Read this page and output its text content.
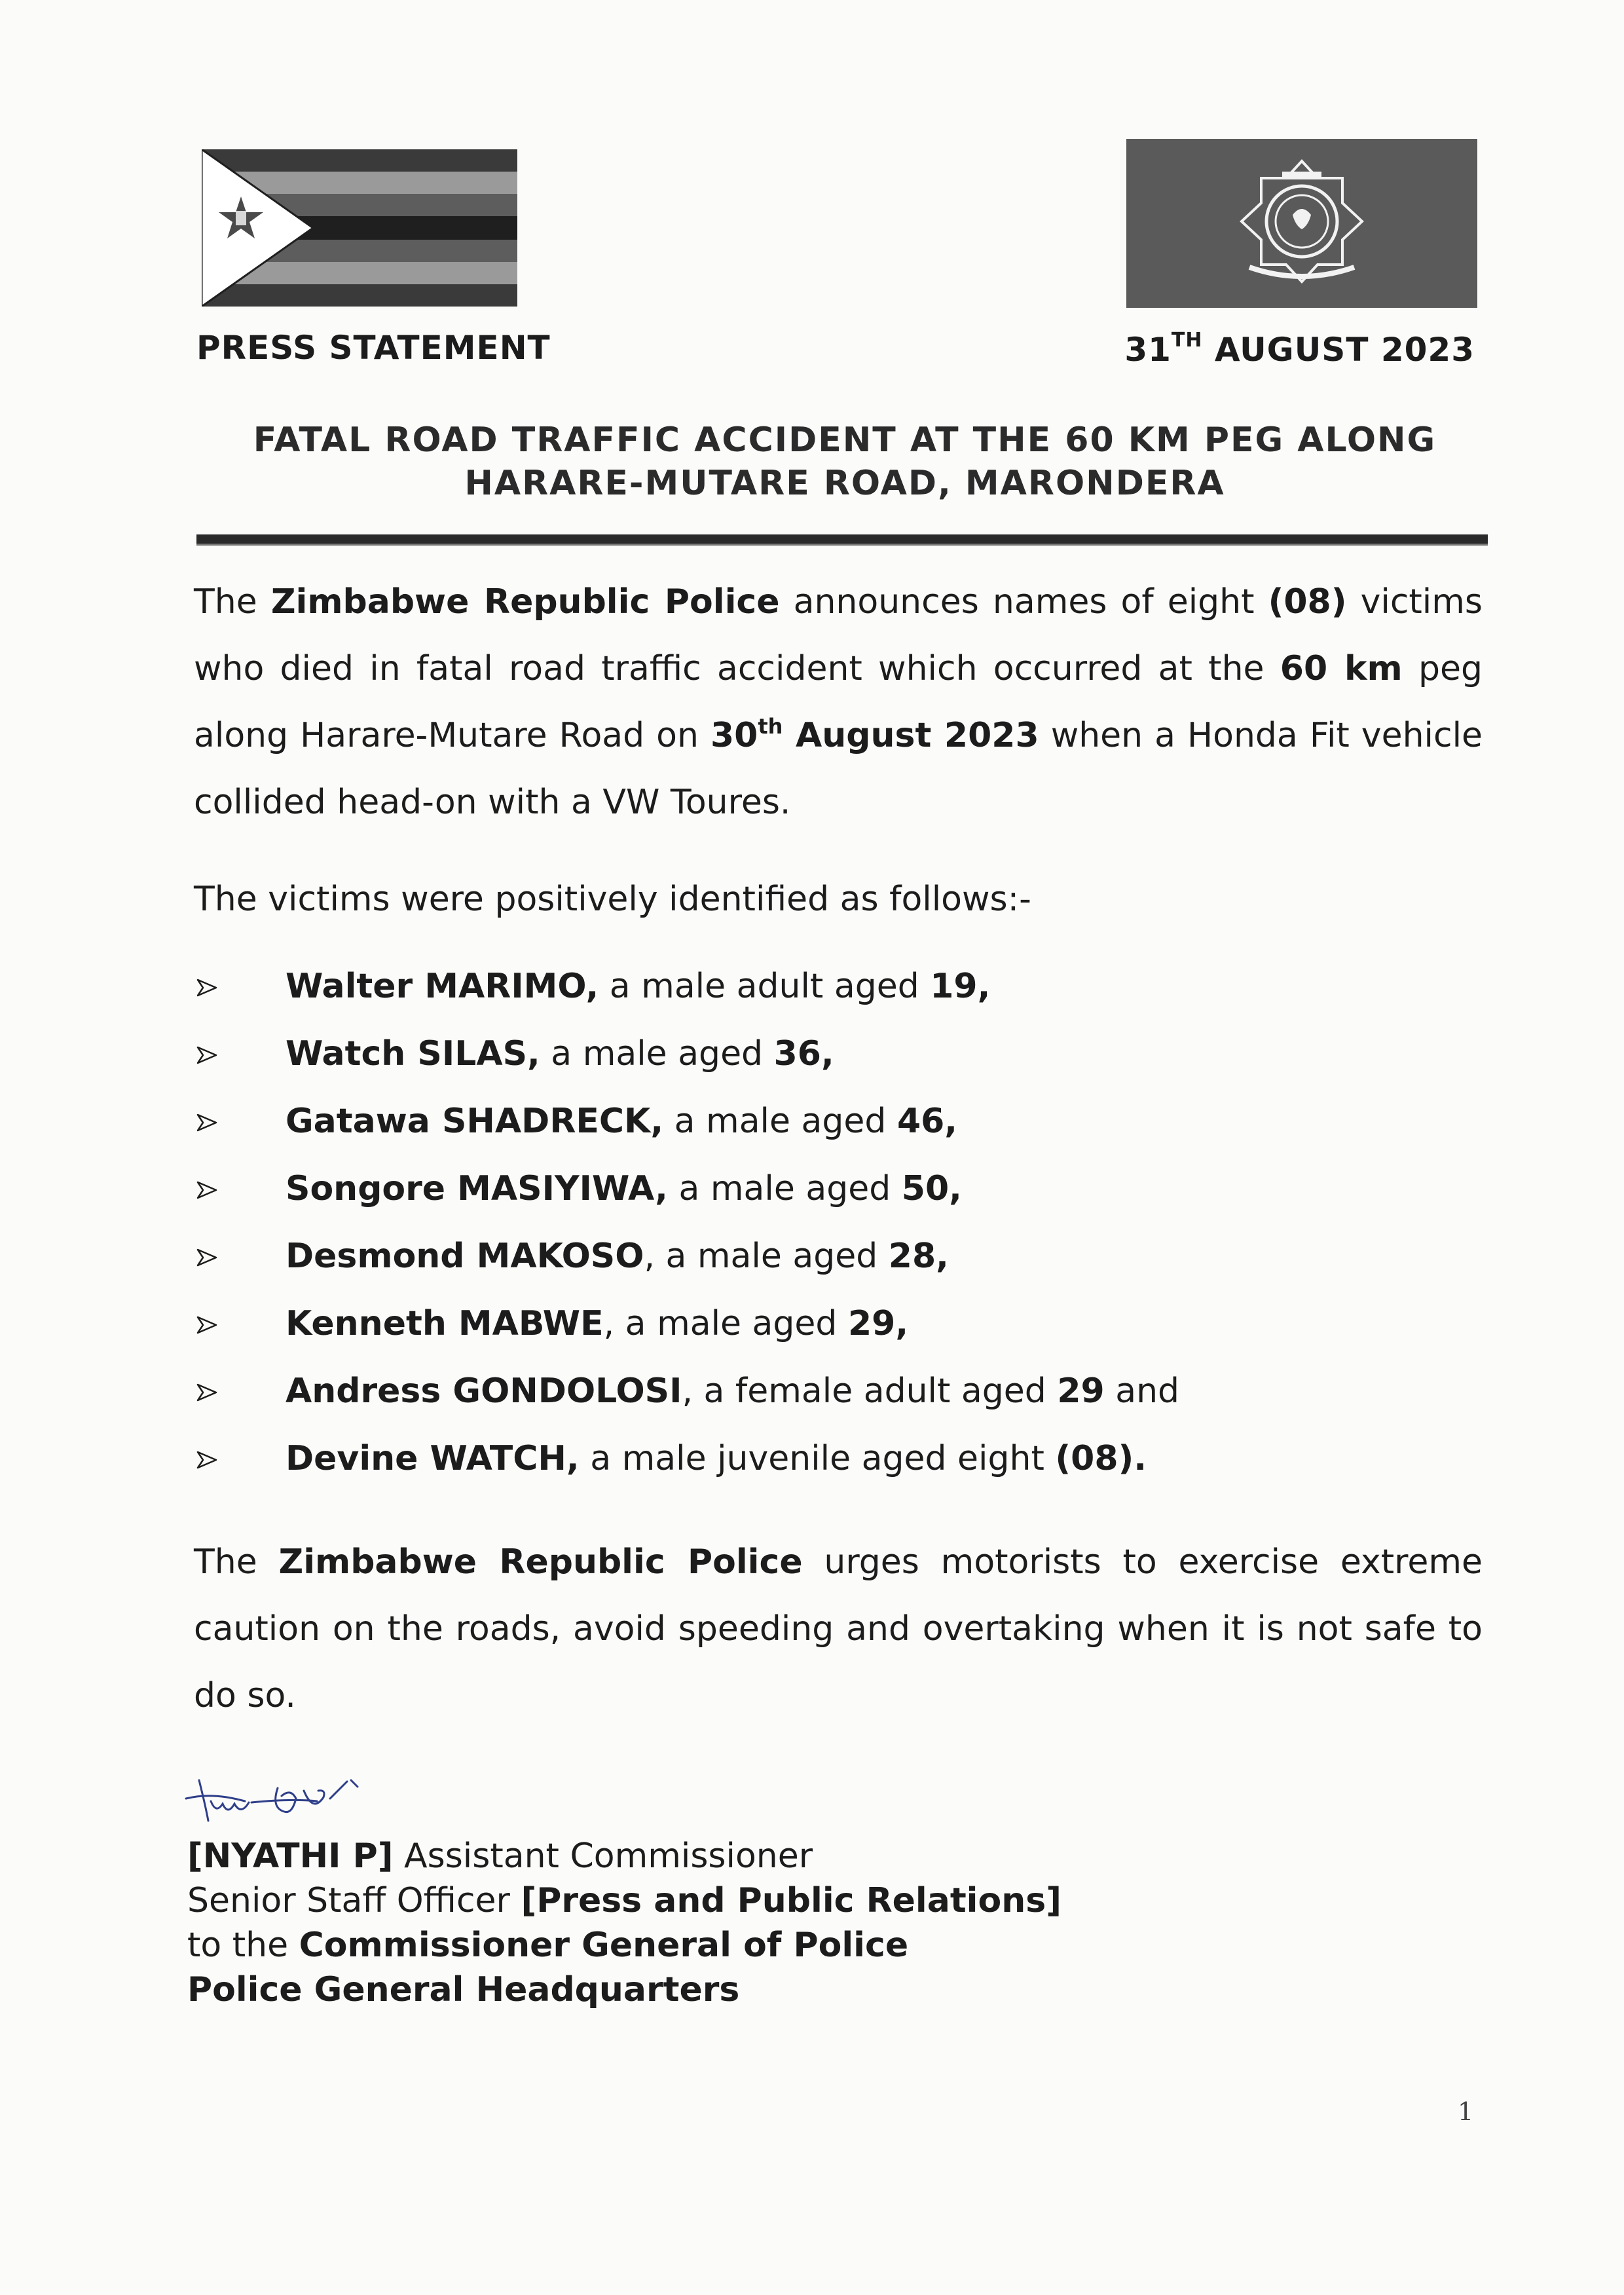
PRESS STATEMENT	31TH AUGUST 2023
FATAL ROAD TRAFFIC ACCIDENT AT THE 60 KM PEG ALONG
HARARE-MUTARE ROAD, MARONDERA
The Zimbabwe Republic Police announces names of eight (08) victims who died in fatal road traffic accident which occurred at the 60 km peg along Harare-Mutare Road on 30th August 2023 when a Honda Fit vehicle collided head-on with a VW Toures.
The victims were positively identified as follows:-
Walter MARIMO, a male adult aged 19,
Watch SILAS, a male aged 36,
Gatawa SHADRECK, a male aged 46,
Songore MASIYIWA, a male aged 50,
Desmond MAKOSO, a male aged 28,
Kenneth MABWE, a male aged 29,
Andress GONDOLOSI, a female adult aged 29 and
Devine WATCH, a male juvenile aged eight (08).
The Zimbabwe Republic Police urges motorists to exercise extreme caution on the roads, avoid speeding and overtaking when it is not safe to do so.
[NYATHI P] Assistant Commissioner
Senior Staff Officer [Press and Public Relations]
to the Commissioner General of Police
Police General Headquarters
1
